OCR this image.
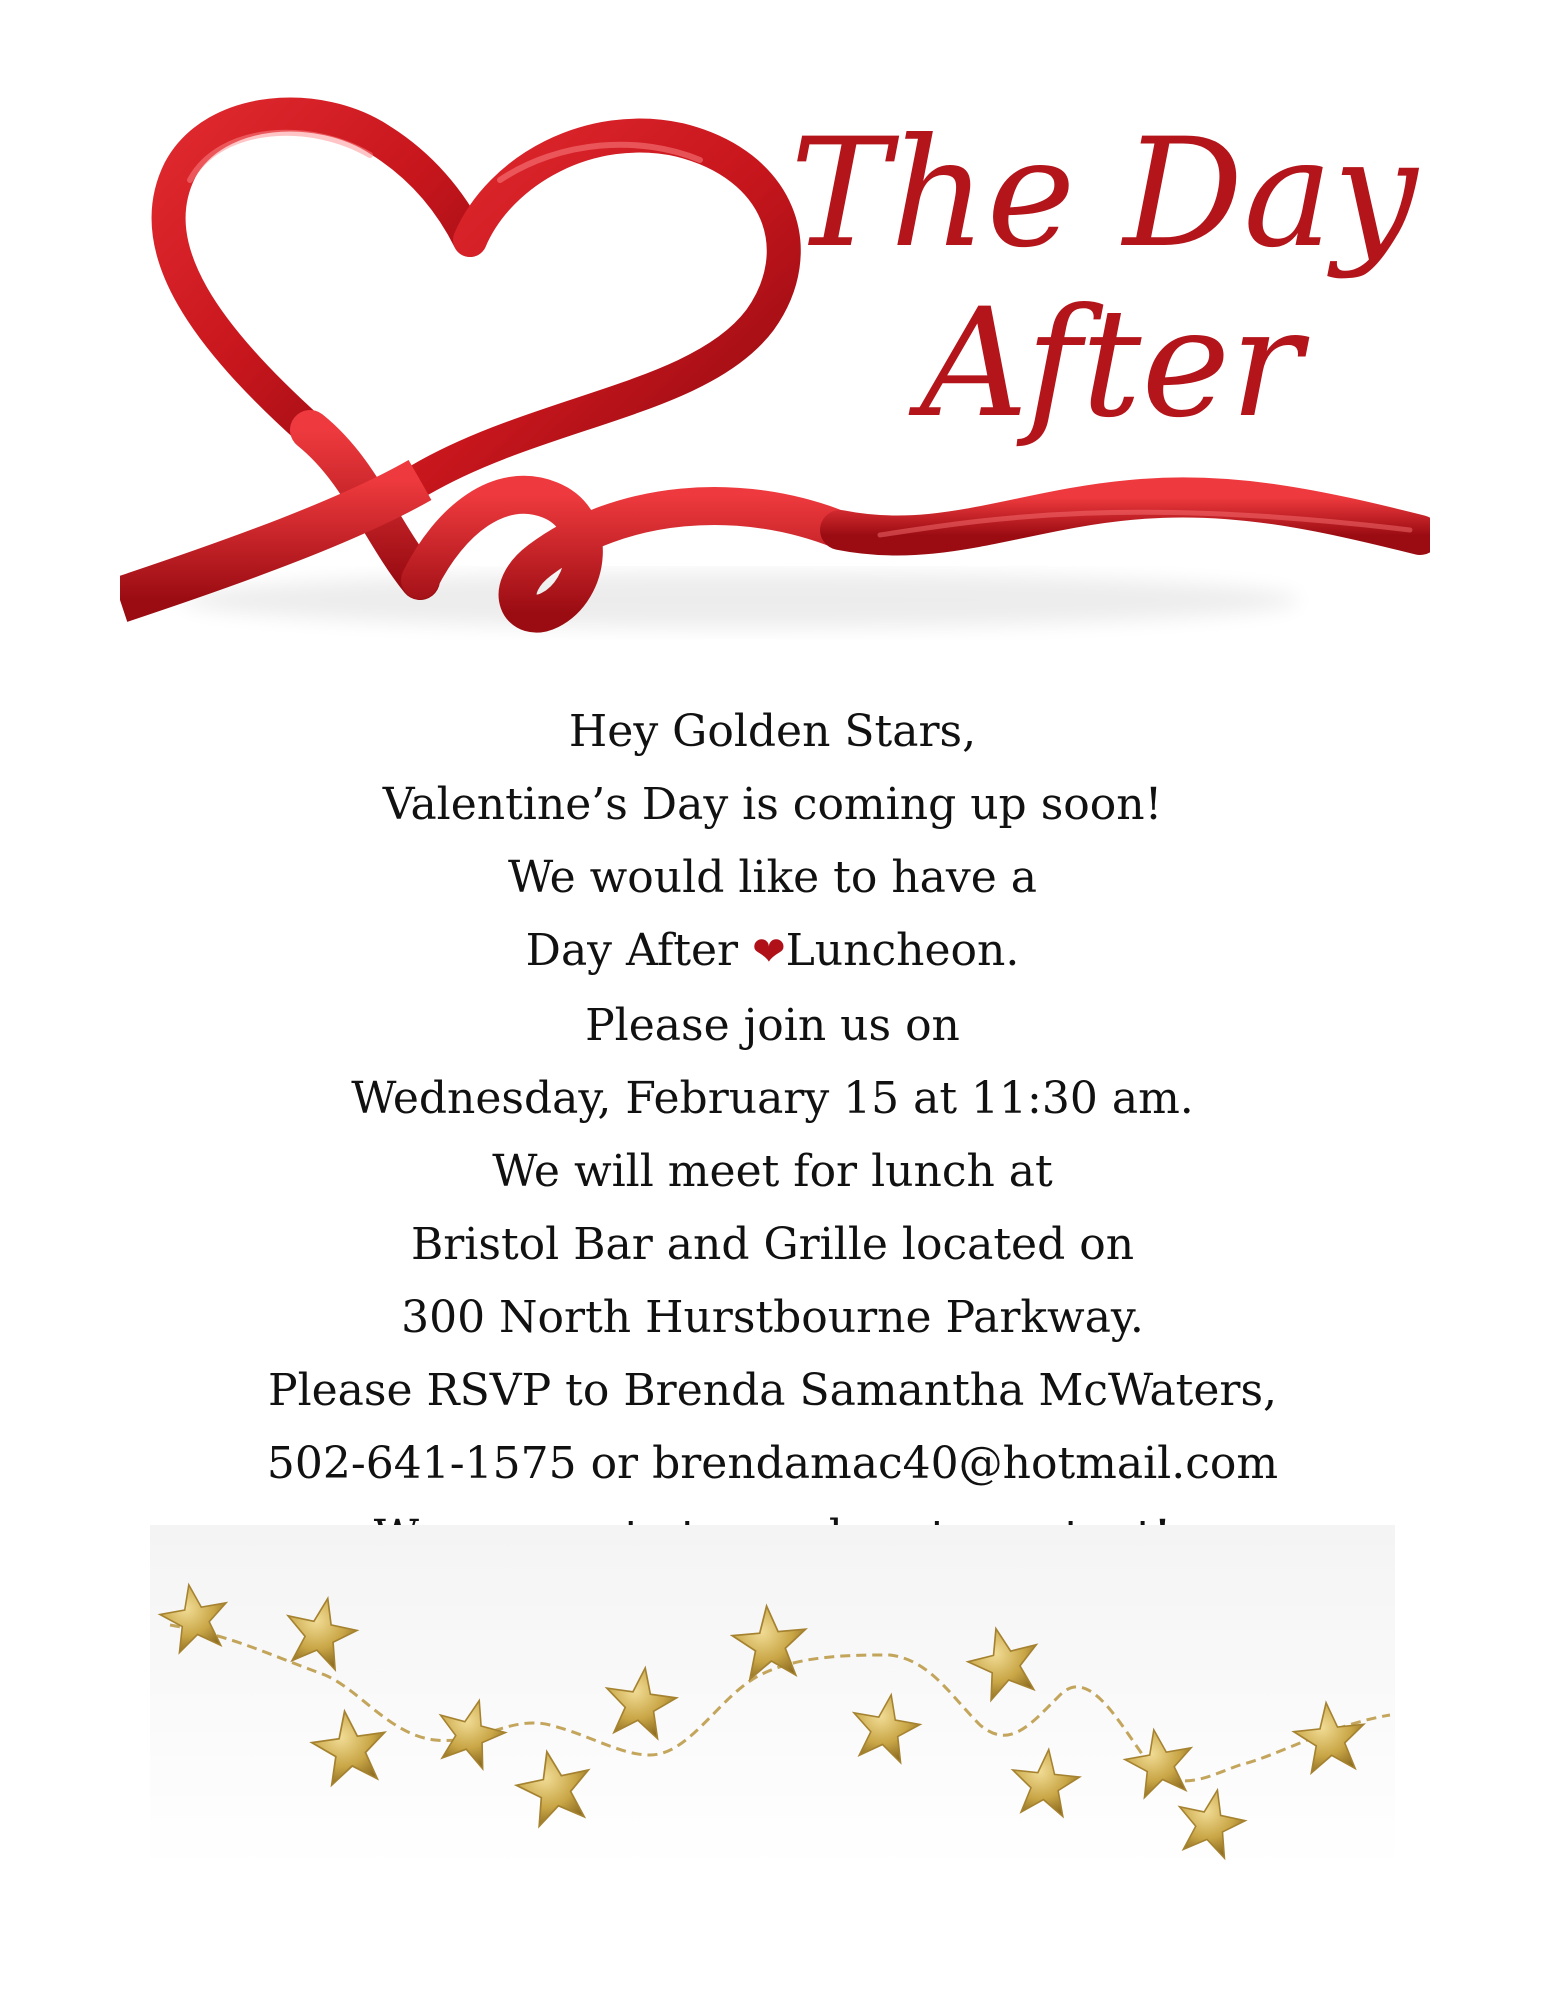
The Day
After
Hey Golden Stars,
Valentine’s Day is coming up soon!
We would like to have a
Day After ❤Luncheon.
Please join us on
Wednesday, February 15 at 11:30 am.
We will meet for lunch at
Bristol Bar and Grille located on
300 North Hurstbourne Parkway.
Please RSVP to Brenda Samantha McWaters,
502-641-1575 or brendamac40@hotmail.com
